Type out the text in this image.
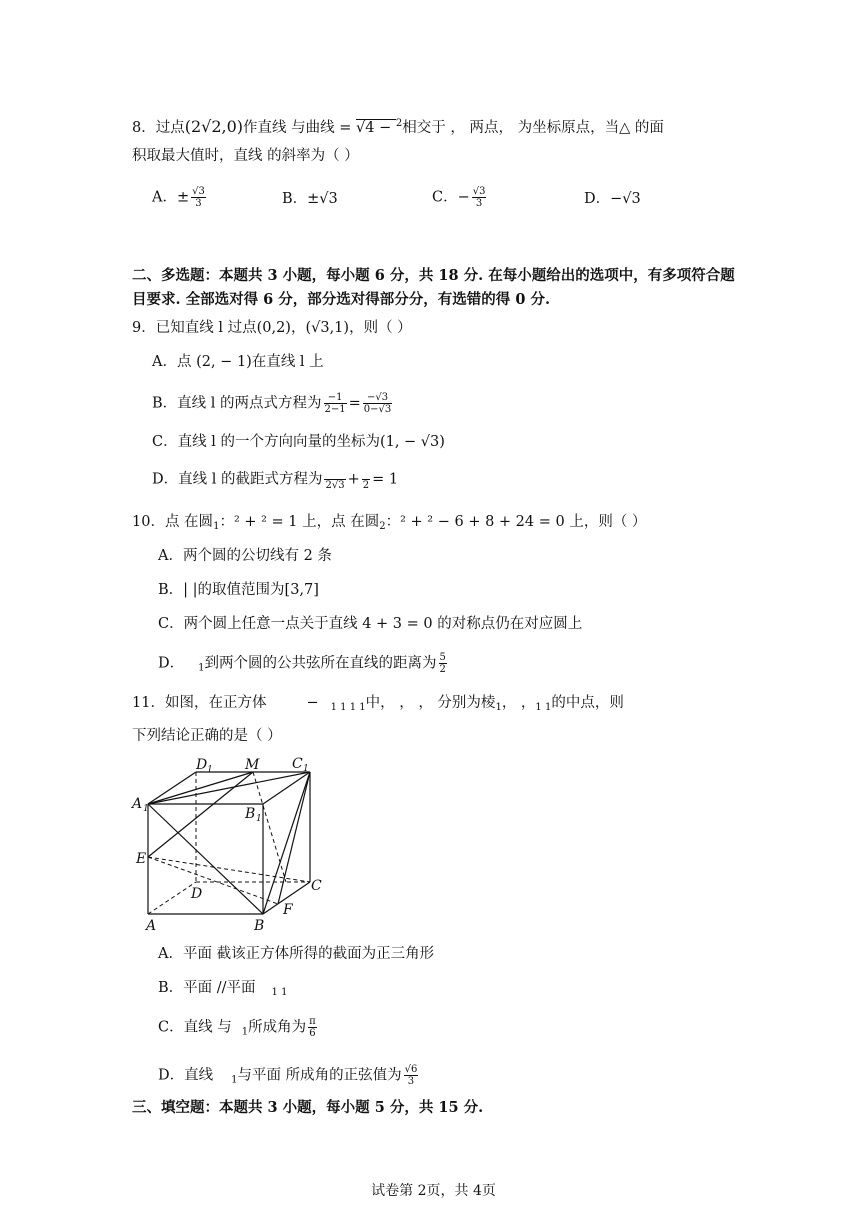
8．过点(2√2,0)作直线 与曲线 = √4 − $^2$相交于 ， 两点， 为坐标原点，当△ 的面
积取最大值时，直线 的斜率为（ ）
A．± $\frac{√3}{3}$	B．±√3	C．− $\frac{√3}{3}$	D．−√3
二、多选题：本题共 3 小题，每小题 6 分，共 18 分. 在每小题给出的选项中，有多项符合题
目要求. 全部选对得 6 分，部分选对得部分分，有选错的得 0 分.
9．已知直线 l 过点(0,2)，(√3,1)，则（ ）
A．点 (2, − 1)在直线 l 上
B．直线 l 的两点式方程为 $\frac{-1}{2-1} = \frac{-√3}{0-√3}$
C．直线 l 的一个方向向量的坐标为(1, − √3)
D．直线 l 的截距式方程为
2√3 +
2 = 1
10．点 在圆$_1$：² + ² = 1 上，点 在圆$_2$：² + ² − 6 + 8 + 24 = 0 上，则（ ）
A．两个圆的公切线有 2 条
B．| |的取值范围为[3,7]
C．两个圆上任意一点关于直线 4 + 3 = 0 的对称点仍在对应圆上
D． $_1$到两个圆的公共弦所在直线的距离为 $\frac{5}{2}$
11．如图，在正方体	− $_{1 1 1 1}$中， ， ， 分别为棱$_1$， ，$_{1 1}$的中点，则
下列结论正确的是（ ）
D 1 M C 1
A 1	B 1
E
D	C
F
A	B
A．平面 截该正方体所得的截面为正三角形
B．平面 //平面 $_{1 1}$
C．直线 与 $_1$所成角为 $\frac{\pi}{6}$
D．直线 $_1$与平面 所成角的正弦值为 $\frac{√6}{3}$
三、填空题：本题共 3 小题，每小题 5 分，共 15 分.
试卷第 2页，共 4页
